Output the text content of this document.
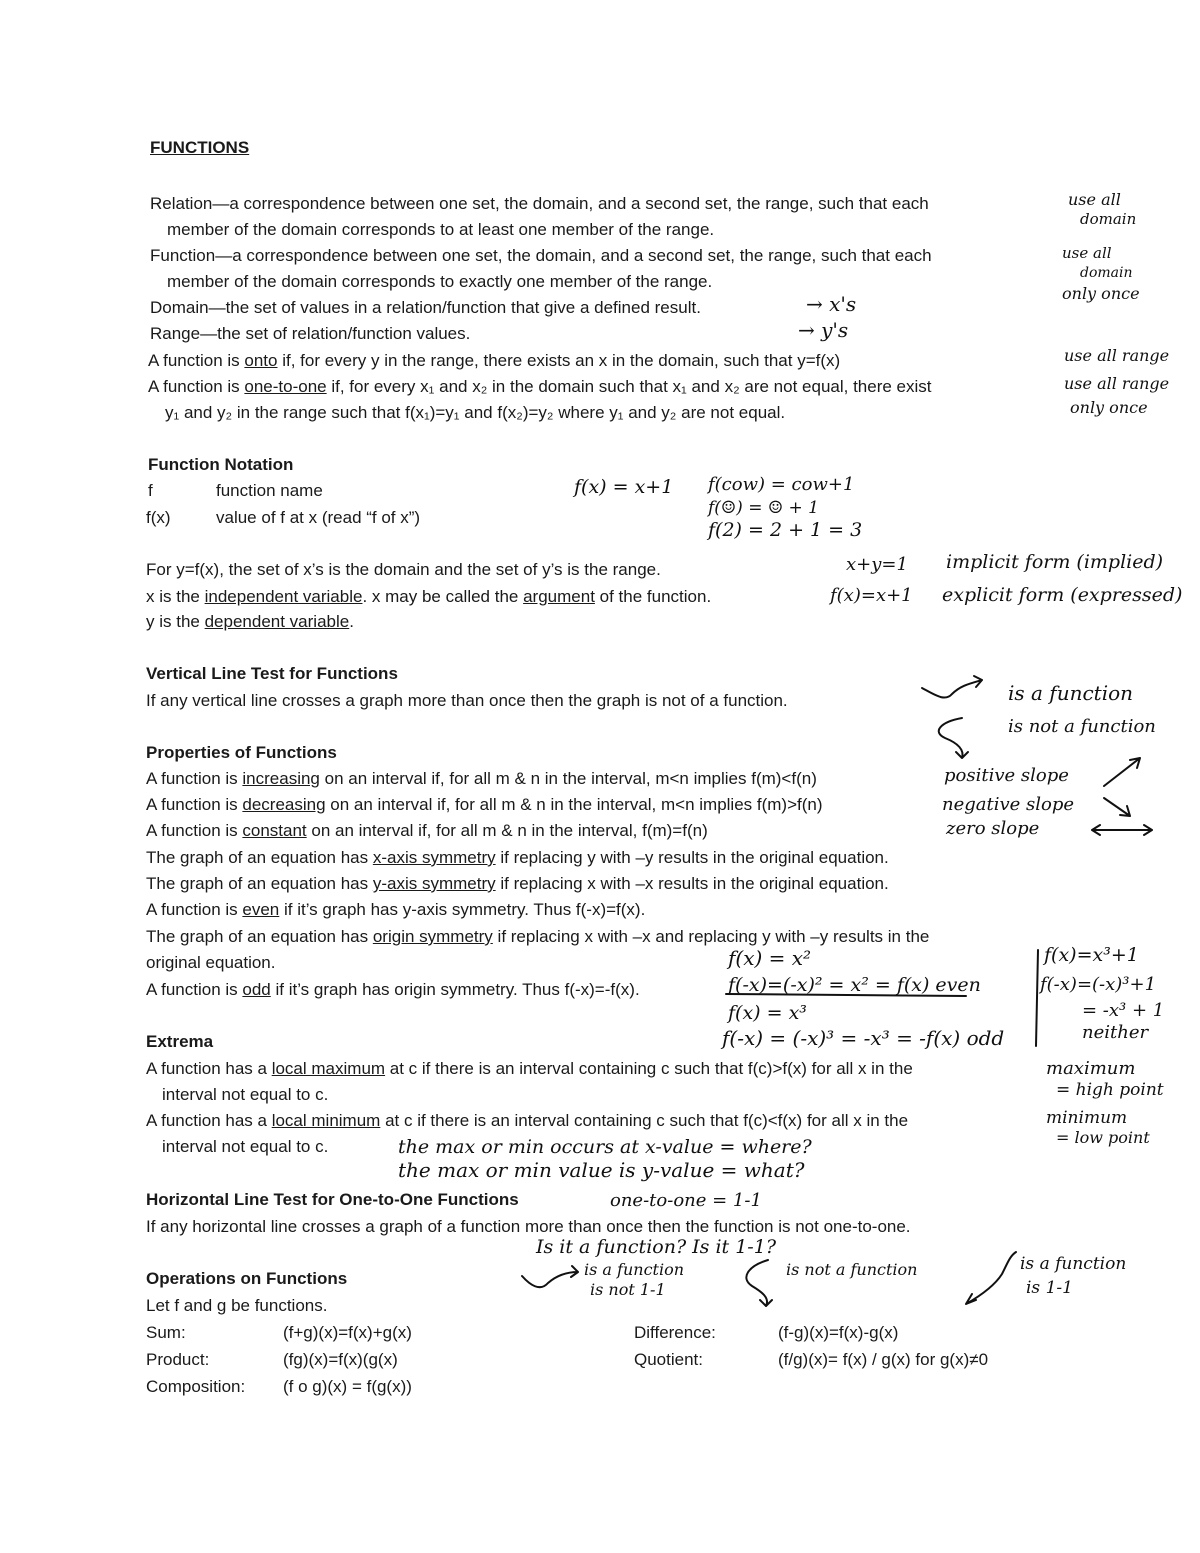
FUNCTIONS
Relation—a correspondence between one set, the domain, and a second set, the range, such that each
member of the domain corresponds to at least one member of the range.
Function—a correspondence between one set, the domain, and a second set, the range, such that each
member of the domain corresponds to exactly one member of the range.
Domain—the set of values in a relation/function that give a defined result.
Range—the set of relation/function values.
A function is onto if, for every y in the range, there exists an x in the domain, such that y=f(x)
A function is one-to-one if, for every x₁ and x₂ in the domain such that x₁ and x₂ are not equal, there exist
y₁ and y₂ in the range such that f(x₁)=y₁ and f(x₂)=y₂ where y₁ and y₂ are not equal.
Function Notation
f	function name
f(x)	value of f at x (read “f of x”)
For y=f(x), the set of x’s is the domain and the set of y’s is the range.
x is the independent variable. x may be called the argument of the function.
y is the dependent variable.
Vertical Line Test for Functions
If any vertical line crosses a graph more than once then the graph is not of a function.
Properties of Functions
A function is increasing on an interval if, for all m & n in the interval, m<n implies f(m)<f(n)
A function is decreasing on an interval if, for all m & n in the interval, m<n implies f(m)>f(n)
A function is constant on an interval if, for all m & n in the interval, f(m)=f(n)
The graph of an equation has x-axis symmetry if replacing y with –y results in the original equation.
The graph of an equation has y-axis symmetry if replacing x with –x results in the original equation.
A function is even if it’s graph has y-axis symmetry. Thus f(-x)=f(x).
The graph of an equation has origin symmetry if replacing x with –x and replacing y with –y results in the
original equation.
A function is odd if it’s graph has origin symmetry. Thus f(-x)=-f(x).
Extrema
A function has a local maximum at c if there is an interval containing c such that f(c)>f(x) for all x in the
interval not equal to c.
A function has a local minimum at c if there is an interval containing c such that f(c)<f(x) for all x in the
interval not equal to c.
Horizontal Line Test for One-to-One Functions
If any horizontal line crosses a graph of a function more than once then the function is not one-to-one.
Operations on Functions
Let f and g be functions.
Sum:	(f+g)(x)=f(x)+g(x)	Difference:	(f-g)(x)=f(x)-g(x)
Product:	(fg)(x)=f(x)(g(x)	Quotient:	(f/g)(x)= f(x) / g(x) for g(x)≠0
Composition: (f o g)(x) = f(g(x))
use all
domain
use all
domain
only once
→ x's
→ y's
use all range
use all range
only once
f(x) = x+1 f(cow) = cow+1
f(☺) = ☺ + 1
f(2) = 2 + 1 = 3
x+y=1 implicit form (implied)
f(x)=x+1 explicit form (expressed)
is a function
is not a function
positive slope
negative slope
zero slope
f(x) = x²
f(-x)=(-x)² = x² = f(x) even
f(x) = x³
f(-x) = (-x)³ = -x³ = -f(x) odd
f(x)=x³+1
f(-x)=(-x)³+1
= -x³ + 1
neither
maximum
= high point
minimum
= low point
the max or min occurs at x-value = where?
the max or min value is y-value = what?
one-to-one = 1-1
Is it a function? Is it 1-1?
is a function
is not 1-1
is not a function	is a function
is 1-1
